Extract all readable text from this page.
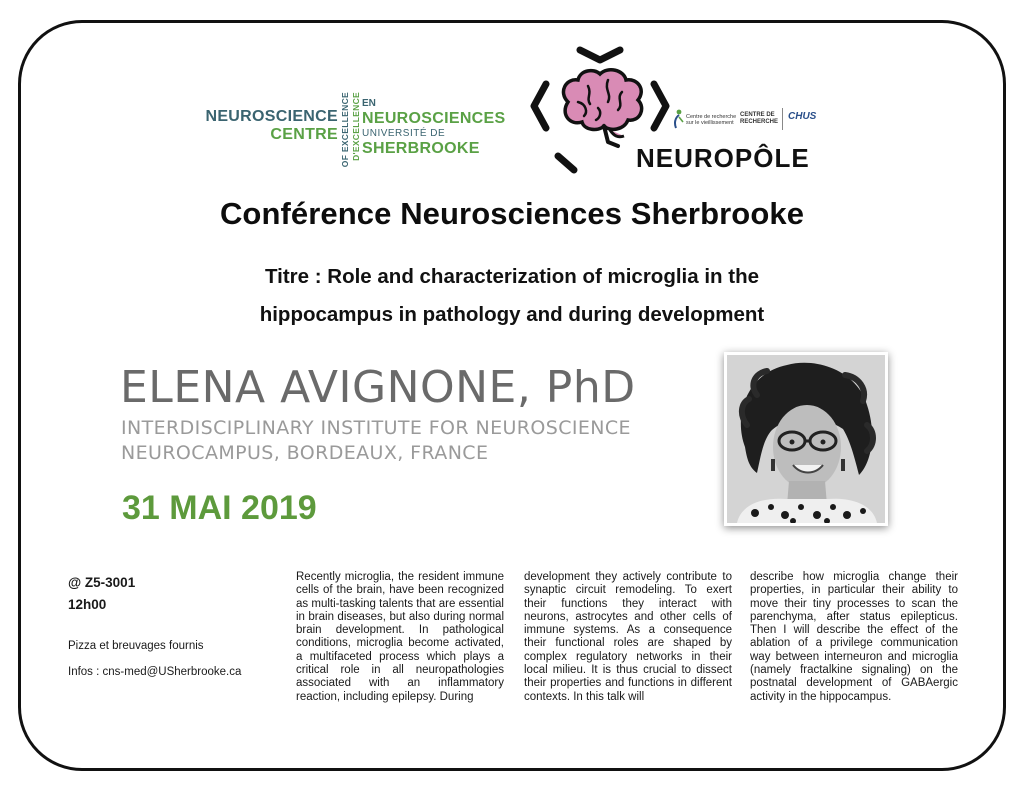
NEUROSCIENCE
CENTRE OF EXCELLENCE D'EXCELLENCE EN
NEUROSCIENCES
UNIVERSITÉ DE
SHERBROOKE	NEUROPÔLE
Centre de recherche
sur le vieillissement
CENTRE DE
RECHERCHE CHUS
Conférence Neurosciences Sherbrooke
Titre : Role and characterization of microglia in the
hippocampus in pathology and during development
ELENA AVIGNONE, PhD
INTERDISCIPLINARY INSTITUTE FOR NEUROSCIENCE
NEUROCAMPUS, BORDEAUX, FRANCE
31 MAI 2019
@ Z5-3001
12h00
Pizza et breuvages fournis
Infos : cns-med@USherbrooke.ca
Recently microglia, the resident immune cells of the brain, have been recognized as multi-tasking talents that are essential in brain diseases, but also during normal brain development. In pathological conditions, microglia become activated, a multifaceted process which plays a critical role in all neuropathologies associated with an inflammatory reaction, including epilepsy. During
development they actively contribute to synaptic circuit remodeling. To exert their functions they interact with neurons, astrocytes and other cells of immune systems. As a consequence their functional roles are shaped by complex regulatory networks in their local milieu. It is thus crucial to dissect their properties and functions in different contexts. In this talk will
describe how microglia change their properties, in particular their ability to move their tiny processes to scan the parenchyma, after status epilepticus. Then I will describe the effect of the ablation of a privilege communication way between interneuron and microglia (namely fractalkine signaling) on the postnatal development of GABAergic activity in the hippocampus.
